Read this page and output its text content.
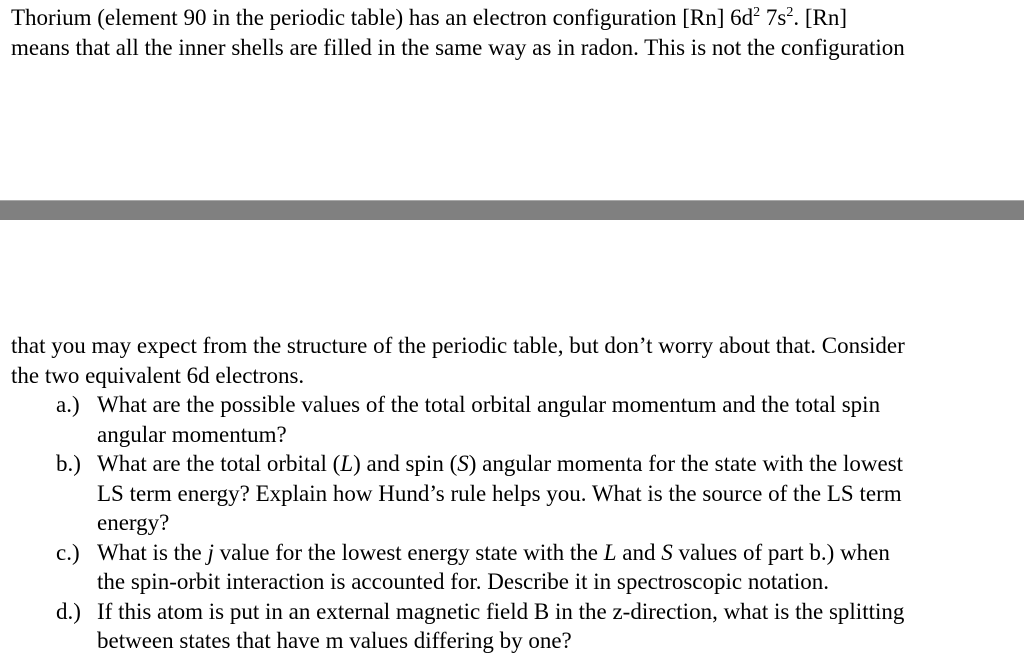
Thorium (element 90 in the periodic table) has an electron configuration [Rn] $6d^2$ $7s^2$. [Rn]
means that all the inner shells are filled in the same way as in radon. This is not the configuration
that you may expect from the structure of the periodic table, but don’t worry about that. Consider
the two equivalent 6d electrons.
a.) What are the possible values of the total orbital angular momentum and the total spin
angular momentum?
b.) What are the total orbital (L) and spin (S) angular momenta for the state with the lowest
LS term energy? Explain how Hund’s rule helps you. What is the source of the LS term
energy?
c.) What is the j value for the lowest energy state with the L and S values of part b.) when
the spin-orbit interaction is accounted for. Describe it in spectroscopic notation.
d.) If this atom is put in an external magnetic field B in the z-direction, what is the splitting
between states that have m values differing by one?
